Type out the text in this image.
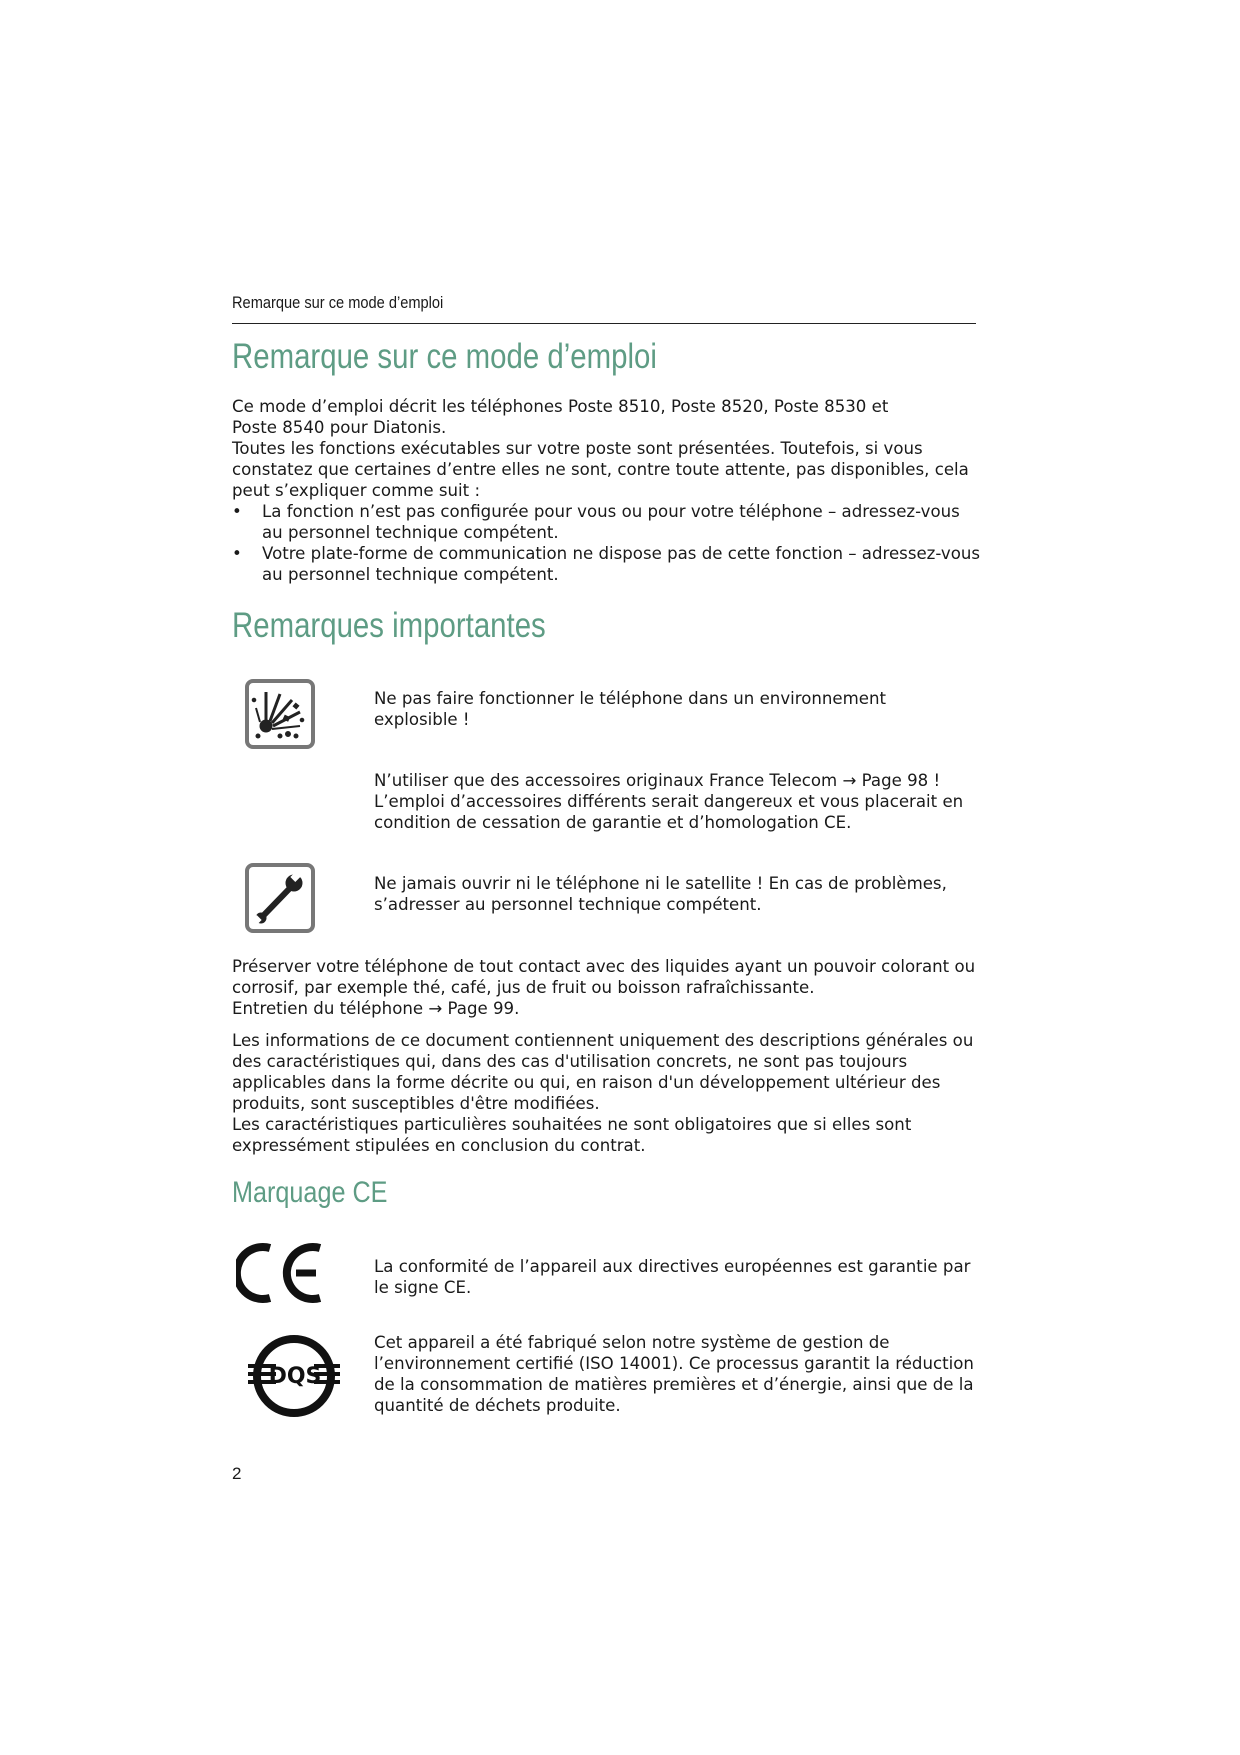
Remarque sur ce mode d’emploi
Remarque sur ce mode d’emploi

Ce mode d’emploi décrit les téléphones Poste 8510, Poste 8520, Poste 8530 et

Poste 8540 pour Diatonis.

Toutes les fonctions exécutables sur votre poste sont présentées. Toutefois, si vous constatez que certaines d’entre elles ne sont, contre toute attente, pas disponibles, cela peut s’expliquer comme suit :

• La fonction n’est pas configurée pour vous ou pour votre téléphone – adressez-vous au personnel technique compétent.
• Votre plate-forme de communication ne dispose pas de cette fonction – adressez-vous au personnel technique compétent.
Remarques importantes

Ne pas faire fonctionner le téléphone dans un environnement explosible !

N’utiliser que des accessoires originaux France Telecom → Page 98 !

L’emploi d’accessoires différents serait dangereux et vous placerait en condition de cessation de garantie et d’homologation CE.

Ne jamais ouvrir ni le téléphone ni le satellite ! En cas de problèmes, s’adresser au personnel technique compétent.

Préserver votre téléphone de tout contact avec des liquides ayant un pouvoir colorant ou corrosif, par exemple thé, café, jus de fruit ou boisson rafraîchissante.

Entretien du téléphone → Page 99.

Les informations de ce document contiennent uniquement des descriptions générales ou des caractéristiques qui, dans des cas d'utilisation concrets, ne sont pas toujours applicables dans la forme décrite ou qui, en raison d'un développement ultérieur des produits, sont susceptibles d'être modifiées.

Les caractéristiques particulières souhaitées ne sont obligatoires que si elles sont expressément stipulées en conclusion du contrat.

Marquage CE

La conformité de l’appareil aux directives européennes est garantie par le signe CE.

DQS

Cet appareil a été fabriqué selon notre système de gestion de l’environnement certifié (ISO 14001). Ce processus garantit la réduction de la consommation de matières premières et d’énergie, ainsi que de la quantité de déchets produite.

2
